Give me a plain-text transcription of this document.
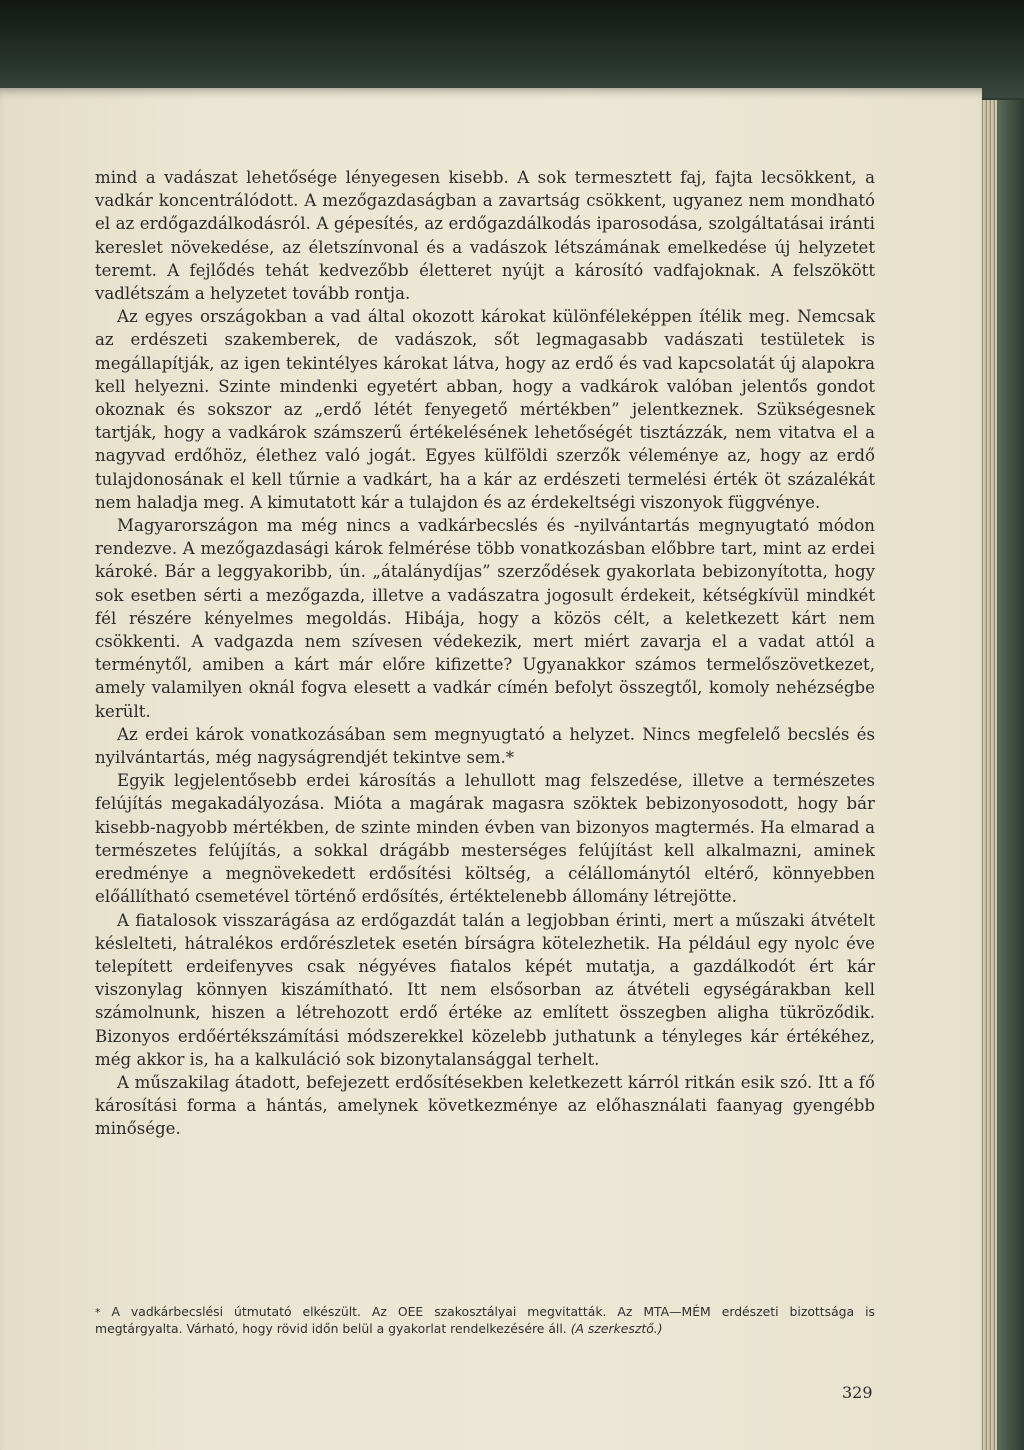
mind a vadászat lehetősége lényegesen kisebb. A sok termesztett faj, fajta lecsökkent, a vadkár koncentrálódott. A mezőgazdaságban a zavartság csökkent, ugyanez nem mondható el az erdőgazdálkodásról. A gépesítés, az erdőgazdálkodás iparosodása, szolgáltatásai iránti kereslet növekedése, az életszínvonal és a vadászok létszámának emelkedése új helyzetet teremt. A fejlődés tehát kedvezőbb életteret nyújt a károsító vadfajoknak. A felszökött vadlétszám a helyzetet tovább rontja.

Az egyes országokban a vad által okozott károkat különféleképpen ítélik meg. Nemcsak az erdészeti szakemberek, de vadászok, sőt legmagasabb vadászati testületek is megállapítják, az igen tekintélyes károkat látva, hogy az erdő és vad kapcsolatát új alapokra kell helyezni. Szinte mindenki egyetért abban, hogy a vadkárok valóban jelentős gondot okoznak és sokszor az „erdő létét fenyegető mértékben” jelentkeznek. Szükségesnek tartják, hogy a vadkárok számszerű értékelésének lehetőségét tisztázzák, nem vitatva el a nagyvad erdőhöz, élethez való jogát. Egyes külföldi szerzők véleménye az, hogy az erdő tulajdonosának el kell tűrnie a vadkárt, ha a kár az erdészeti termelési érték öt százalékát nem haladja meg. A kimutatott kár a tulajdon és az érdekeltségi viszonyok függvénye.

Magyarországon ma még nincs a vadkárbecslés és -nyilvántartás megnyugtató módon rendezve. A mezőgazdasági károk felmérése több vonatkozásban előbbre tart, mint az erdei károké. Bár a leggyakoribb, ún. „átalánydíjas” szerződések gyakorlata bebizonyította, hogy sok esetben sérti a mezőgazda, illetve a vadászatra jogosult érdekeit, kétségkívül mindkét fél részére kényelmes megoldás. Hibája, hogy a közös célt, a keletkezett kárt nem csökkenti. A vadgazda nem szívesen védekezik, mert miért zavarja el a vadat attól a terménytől, amiben a kárt már előre kifizette? Ugyanakkor számos termelőszövetkezet, amely valamilyen oknál fogva elesett a vadkár címén befolyt összegtől, komoly nehézségbe került.

Az erdei károk vonatkozásában sem megnyugtató a helyzet. Nincs megfelelő becslés és nyilvántartás, még nagyságrendjét tekintve sem.*

Egyik legjelentősebb erdei károsítás a lehullott mag felszedése, illetve a természetes felújítás megakadályozása. Mióta a magárak magasra szöktek bebizonyosodott, hogy bár kisebb-nagyobb mértékben, de szinte minden évben van bizonyos magtermés. Ha elmarad a természetes felújítás, a sokkal drágább mesterséges felújítást kell alkalmazni, aminek eredménye a megnövekedett erdősítési költség, a célállománytól eltérő, könnyebben előállítható csemetével történő erdősítés, értéktelenebb állomány létrejötte.

A fiatalosok visszarágása az erdőgazdát talán a legjobban érinti, mert a műszaki átvételt késlelteti, hátralékos erdőrészletek esetén bírságra kötelezhetik. Ha például egy nyolc éve telepített erdeifenyves csak négyéves fiatalos képét mutatja, a gazdálkodót ért kár viszonylag könnyen kiszámítható. Itt nem elsősorban az átvételi egységárakban kell számolnunk, hiszen a létrehozott erdő értéke az említett összegben aligha tükröződik. Bizonyos erdőértékszámítási módszerekkel közelebb juthatunk a tényleges kár értékéhez, még akkor is, ha a kalkuláció sok bizonytalansággal terhelt.

A műszakilag átadott, befejezett erdősítésekben keletkezett kárról ritkán esik szó. Itt a fő károsítási forma a hántás, amelynek következménye az előhasználati faanyag gyengébb minősége.

* A vadkárbecslési útmutató elkészült. Az OEE szakosztályai megvitatták. Az MTA—MÉM erdészeti bizottsága is megtárgyalta. Várható, hogy rövid időn belül a gyakorlat rendelkezésére áll. (A szerkesztő.)
329
